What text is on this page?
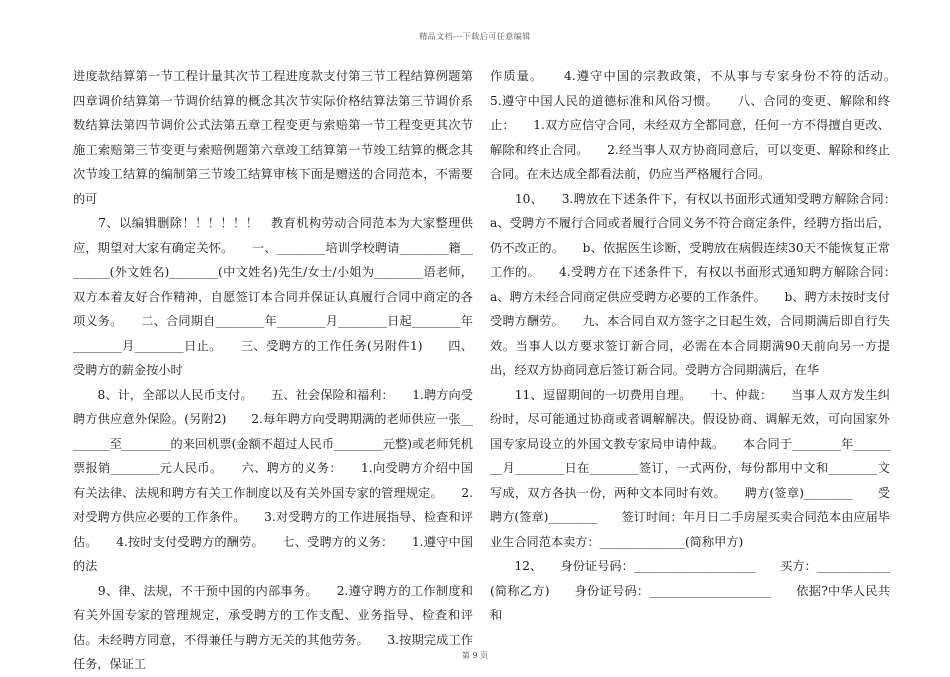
精品文档---下载后可任意编辑

进度款结算第一节工程计量其次节工程进度款支付第三节工程结算例题第四章调价结算第一节调价结算的概念其次节实际价格结算法第三节调价系数结算法第四节调价公式法第五章工程变更与索赔第一节工程变更其次节施工索赔第三节变更与索赔例题第六章竣工结算第一节竣工结算的概念其次节竣工结算的编制第三节竣工结算审核下面是赠送的合同范本，不需要的可

　　7、以编辑删除！！！！！！　教育机构劳动合同范本为大家整理供应，期望对大家有确定关怀。　　一、________培训学校聘请________籍________(外文姓名)________(中文姓名)先生/女士/小姐为________语老师，双方本着友好合作精神，自愿签订本合同并保证认真履行合同中商定的各项义务。　　二、合同期自________年________月________日起________年________月________日止。　　三、受聘方的工作任务(另附件1)　　四、受聘方的薪金按小时

　　8、计，全部以人民币支付。　　五、社会保险和福利：　　1.聘方向受聘方供应意外保险。(另附2)　　2.每年聘方向受聘期满的老师供应一张________至________的来回机票(金额不超过人民币________元整)或老师凭机票报销________元人民币。　　六、聘方的义务：　　1.向受聘方介绍中国有关法律、法规和聘方有关工作制度以及有关外国专家的管理规定。　　2.对受聘方供应必要的工作条件。　　3.对受聘方的工作进展指导、检查和评估。　　4.按时支付受聘方的酬劳。　　七、受聘方的义务：　　1.遵守中国的法

　　9、律、法规，不干预中国的内部事务。　　2.遵守聘方的工作制度和有关外国专家的管理规定，承受聘方的工作支配、业务指导、检查和评估。未经聘方同意，不得兼任与聘方无关的其他劳务。　　3.按期完成工作任务，保证工

作质量。　　4.遵守中国的宗教政策，不从事与专家身份不符的活动。　　5.遵守中国人民的道德标准和风俗习惯。　　八、合同的变更、解除和终止：　　1.双方应信守合同，未经双方全都同意，任何一方不得擅自更改、解除和终止合同。　　2.经当事人双方协商同意后，可以变更、解除和终止合同。在未达成全都看法前，仍应当严格履行合同。

　　10、　　3.聘放在下述条件下，有权以书面形式通知受聘方解除合同：　　a、受聘方不履行合同或者履行合同义务不符合商定条件，经聘方指出后，仍不改正的。　　b、依据医生诊断，受聘放在病假连续30天不能恢复正常工作的。　　4.受聘方在下述条件下，有权以书面形式通知聘方解除合同：　　a、聘方未经合同商定供应受聘方必要的工作条件。　　b、聘方未按时支付受聘方酬劳。　　九、本合同自双方签字之日起生效，合同期满后即自行失效。当事人以方要求签订新合同，必需在本合同期满90天前向另一方提出，经双方协商同意后签订新合同。受聘方合同期满后，在华

　　11、逗留期间的一切费用自理。　　十、仲裁：　　当事人双方发生纠纷时，尽可能通过协商或者调解解决。假设协商、调解无效，可向国家外国专家局设立的外国文教专家局申请仲裁。　　本合同于________年________月________日在________签订，一式两份，每份都用中文和________文写成，双方各执一份，两种文本同时有效。　　聘方(签章)________　　受聘方(签章)________　　签订时间：年月日二手房屋买卖合同范本由应届毕业生合同范本卖方：______________(简称甲方)

　　12、　　身份证号码：____________________　　买方：____________(简称乙方)　　身份证号码：____________________　　依据?中华人民共和

第 9 页
